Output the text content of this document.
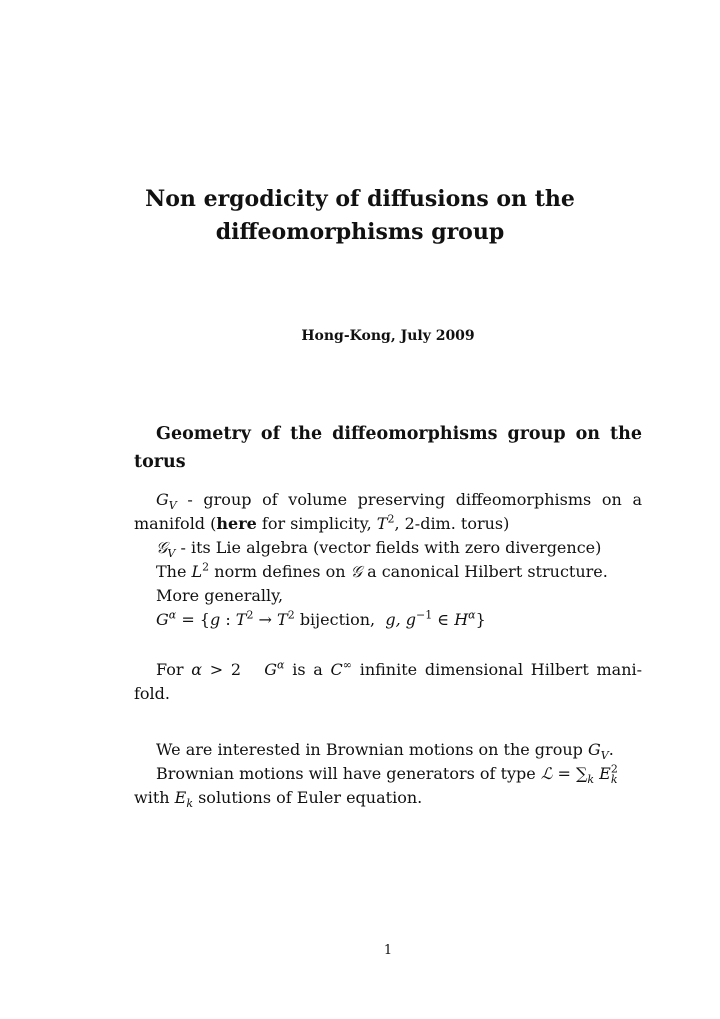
Non ergodicity of diffusions on the
diffeomorphisms group
Hong-Kong, July 2009
Geometry of the diffeomorphisms group on the
torus
$G_V$ - group of volume preserving diffeomorphisms on a
manifold (here for simplicity, $T^2$, 2-dim. torus)
𝒢$_V$ - its Lie algebra (vector fields with zero divergence)
The $L^2$ norm defines on 𝒢 a canonical Hilbert structure.
More generally,
$G^\alpha = \{g$ : $T^2 \to T^2$ bijection, g, $g^{-1}$ ∈ $H^\alpha$}
For α > 2   $G^\alpha$ is a C∞ infinite dimensional Hilbert mani-
fold.
We are interested in Brownian motions on the group $G_V$.
Brownian motions will have generators of type ℒ = $\sum_k$ $E^2_k$
with $E_k$ solutions of Euler equation.
1
